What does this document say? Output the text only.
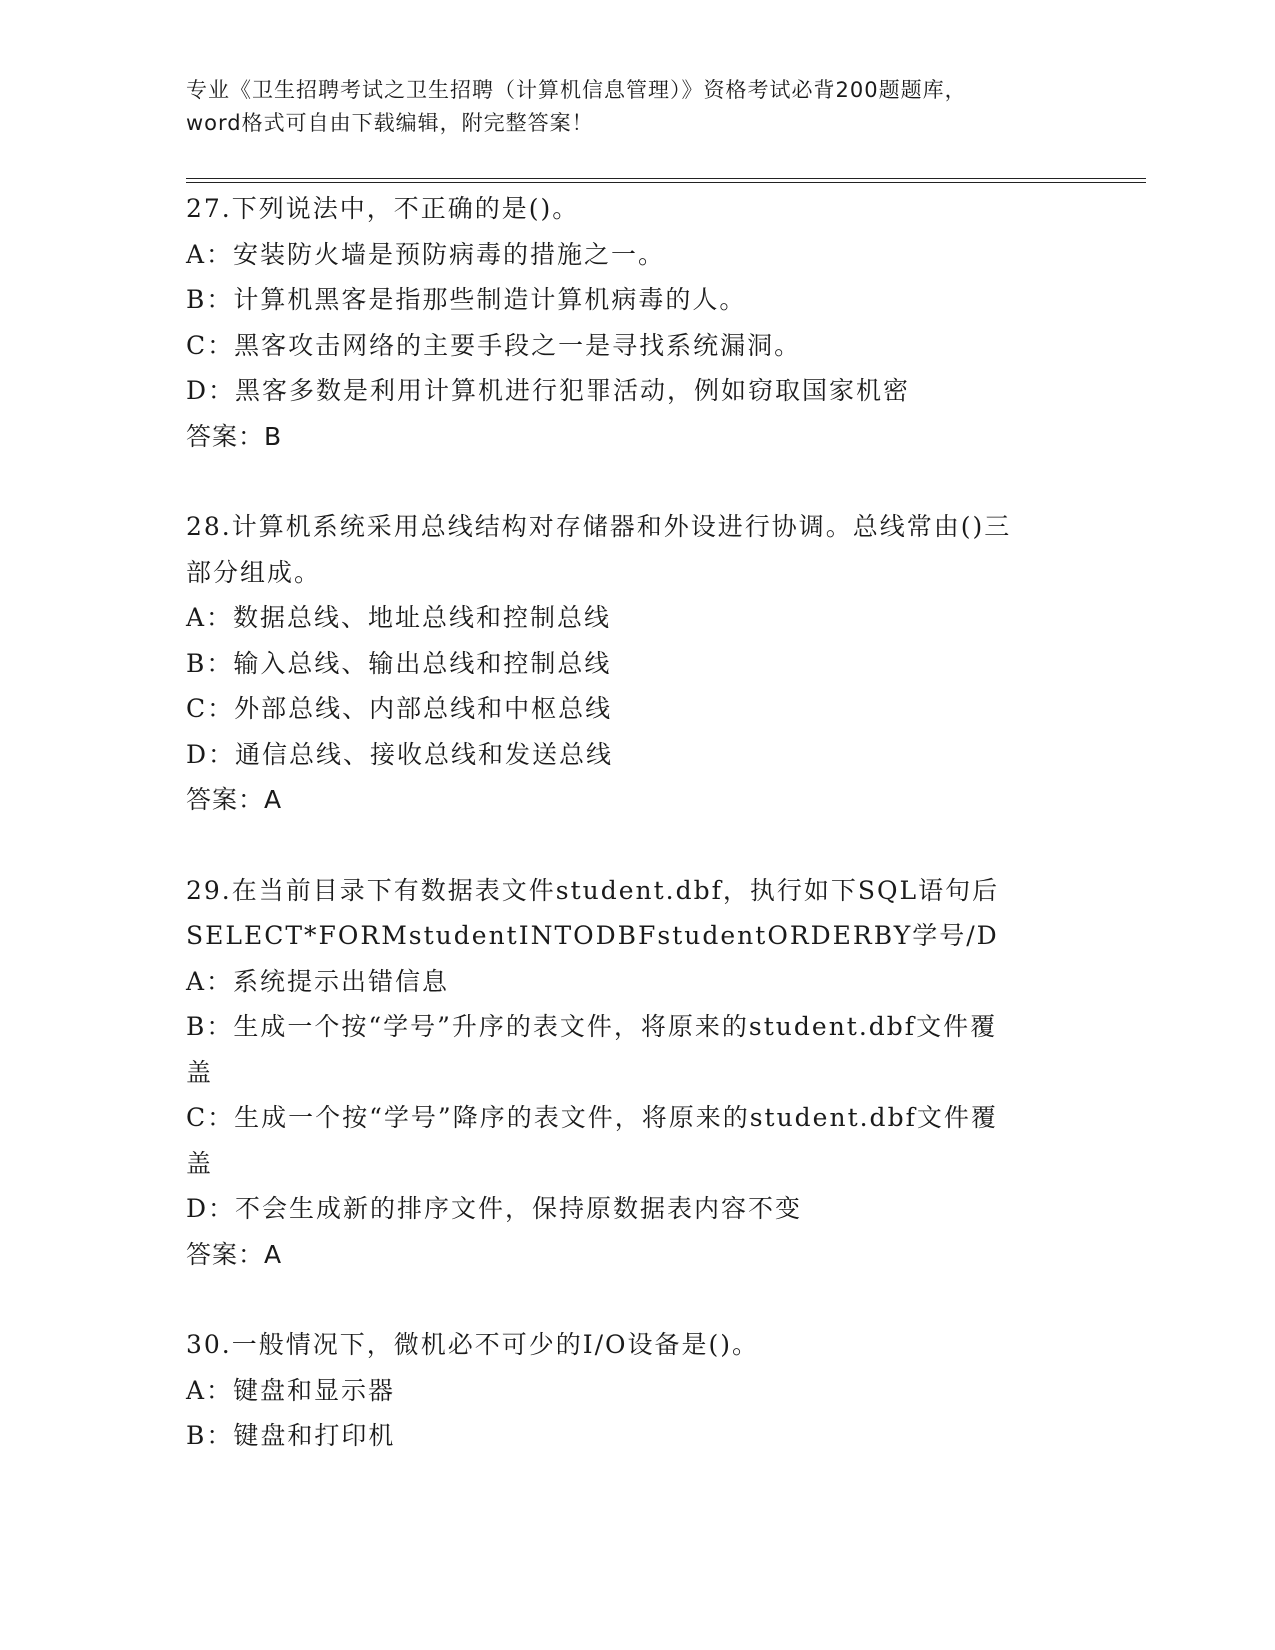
专业《卫生招聘考试之卫生招聘（计算机信息管理）》资格考试必背200题题库，
word格式可自由下载编辑，附完整答案！
27.下列说法中，不正确的是()。
A：安装防火墙是预防病毒的措施之一。
B：计算机黑客是指那些制造计算机病毒的人。
C：黑客攻击网络的主要手段之一是寻找系统漏洞。
D：黑客多数是利用计算机进行犯罪活动，例如窃取国家机密
答案：B
28.计算机系统采用总线结构对存储器和外设进行协调。总线常由()三
部分组成。
A：数据总线、地址总线和控制总线
B：输入总线、输出总线和控制总线
C：外部总线、内部总线和中枢总线
D：通信总线、接收总线和发送总线
答案：A
29.在当前目录下有数据表文件student.dbf，执行如下SQL语句后
SELECT*FORMstudentINTODBFstudentORDERBY学号/D
A：系统提示出错信息
B：生成一个按“学号”升序的表文件，将原来的student.dbf文件覆
盖
C：生成一个按“学号”降序的表文件，将原来的student.dbf文件覆
盖
D：不会生成新的排序文件，保持原数据表内容不变
答案：A
30.一般情况下，微机必不可少的I/O设备是()。
A：键盘和显示器
B：键盘和打印机
